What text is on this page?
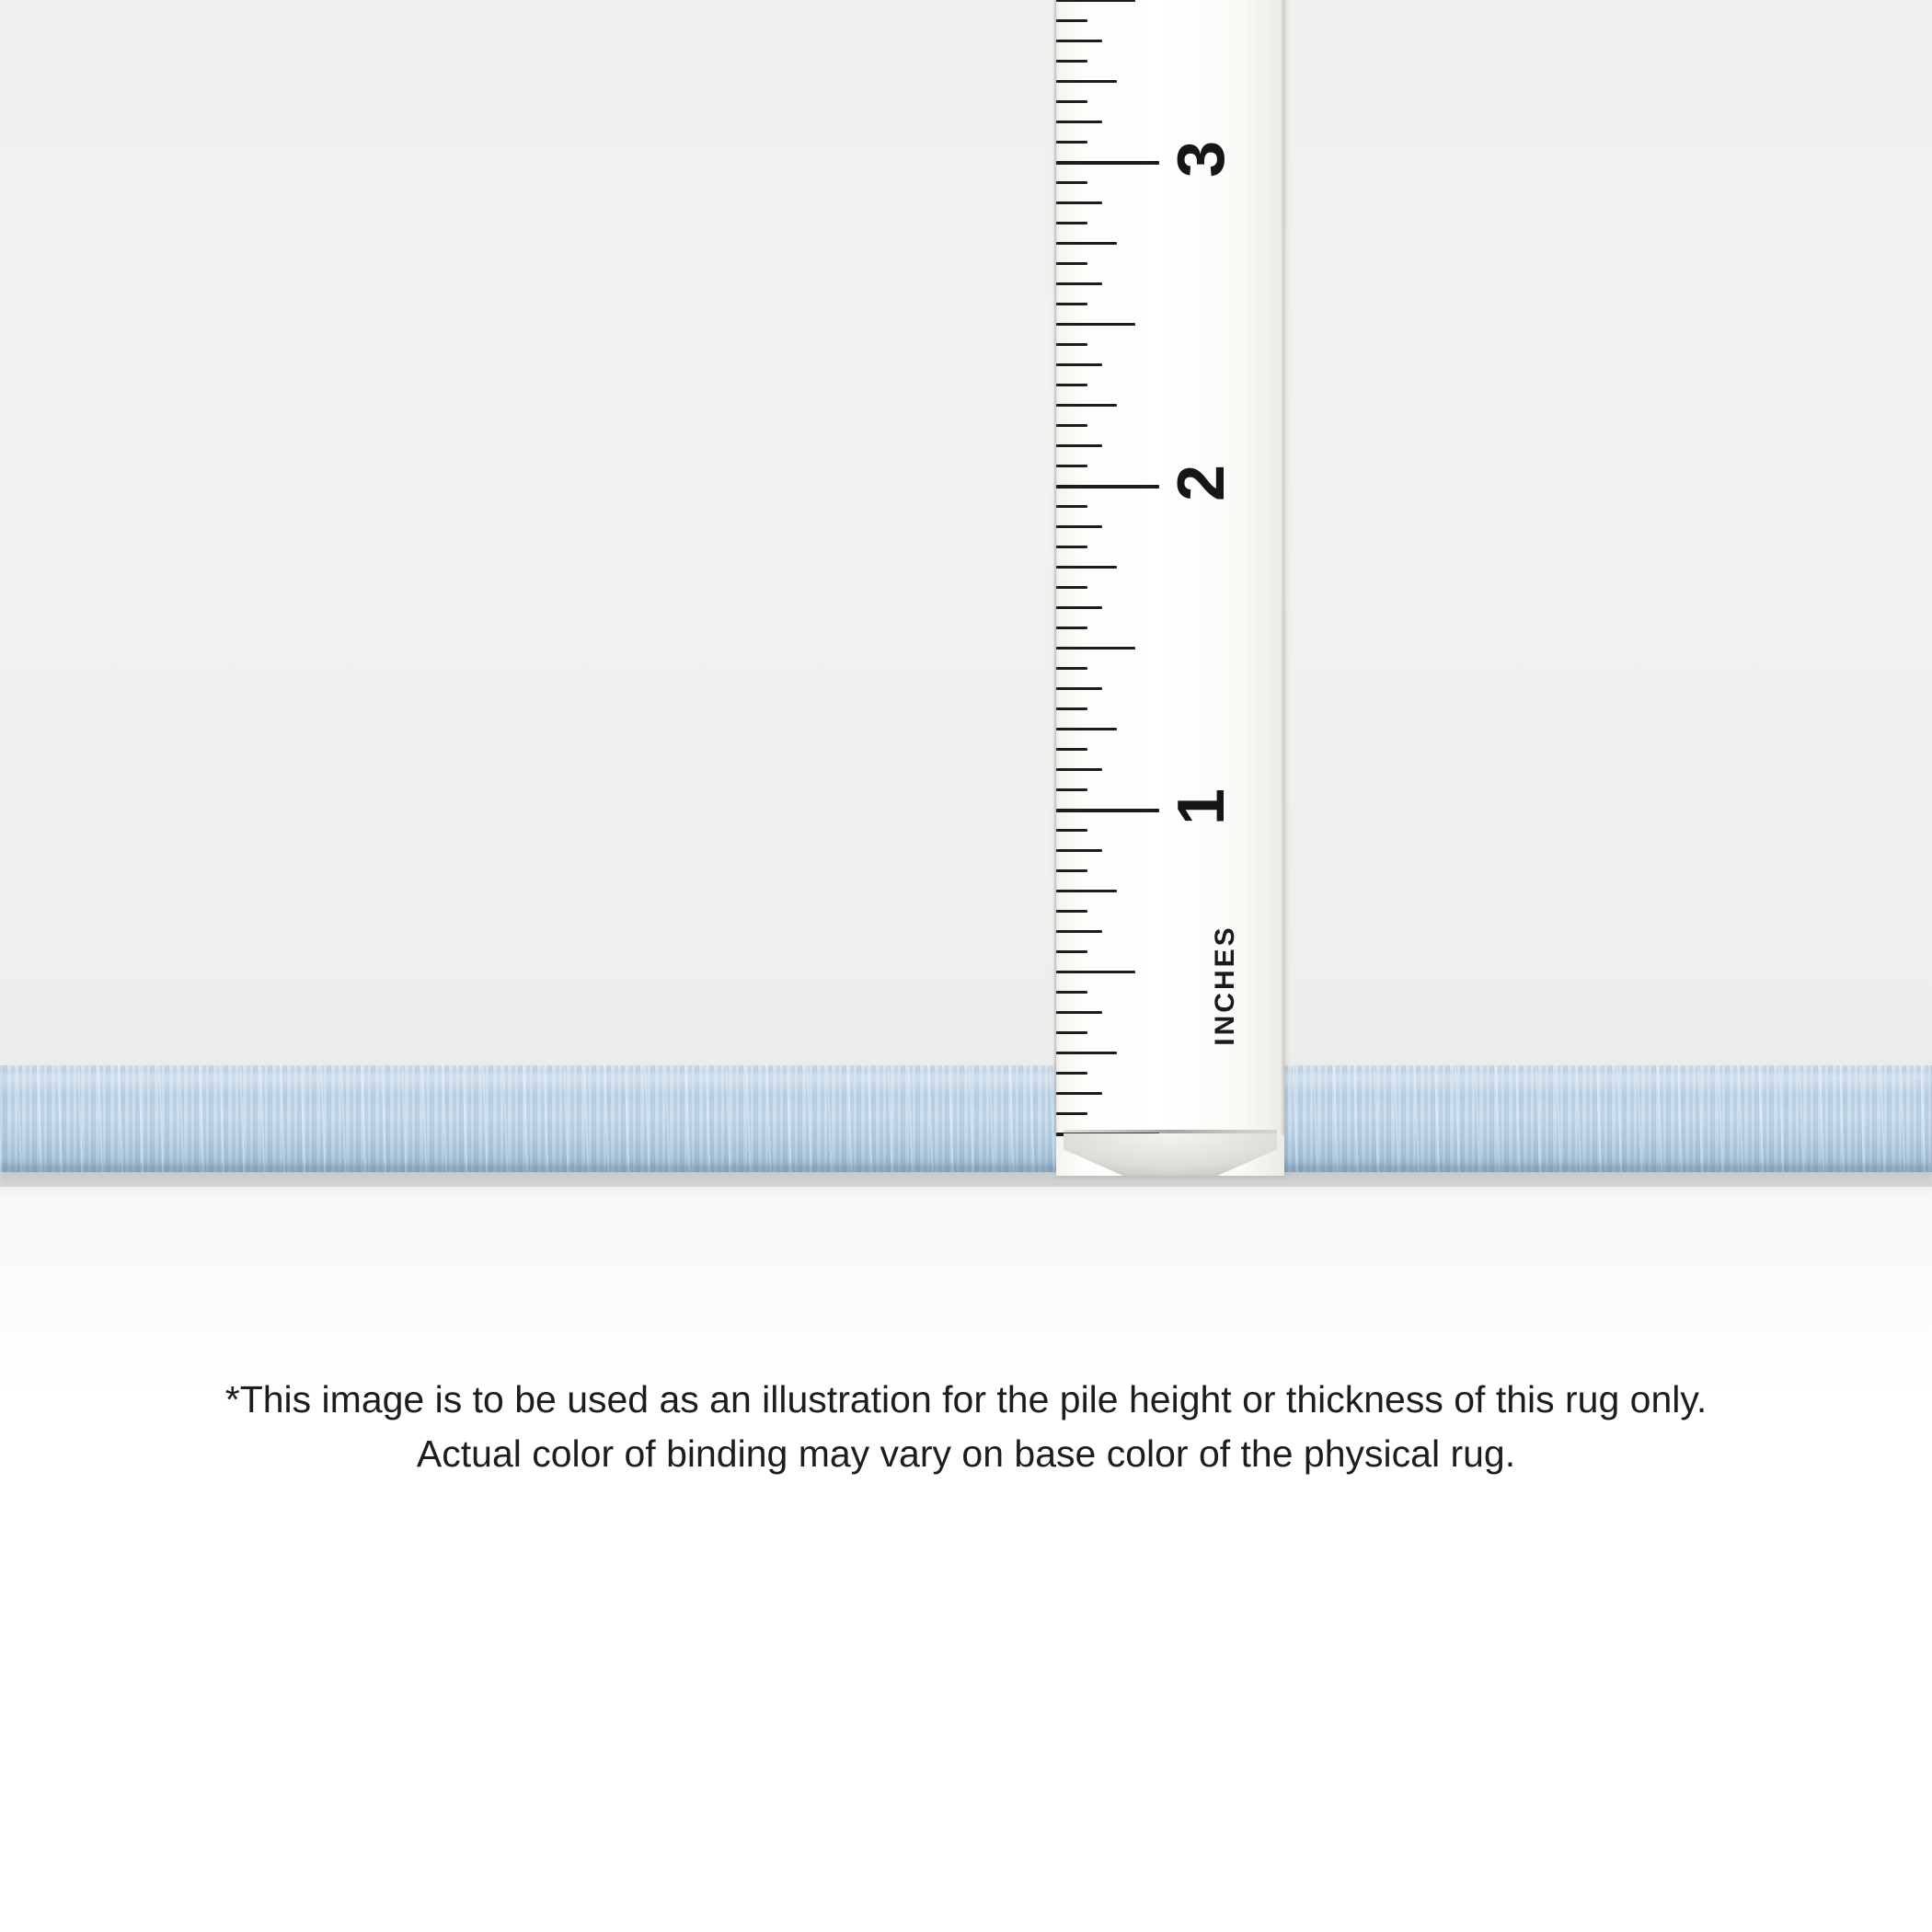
1
2
3
INCHES
*This image is to be used as an illustration for the pile height or thickness of this rug only.
Actual color of binding may vary on base color of the physical rug.
